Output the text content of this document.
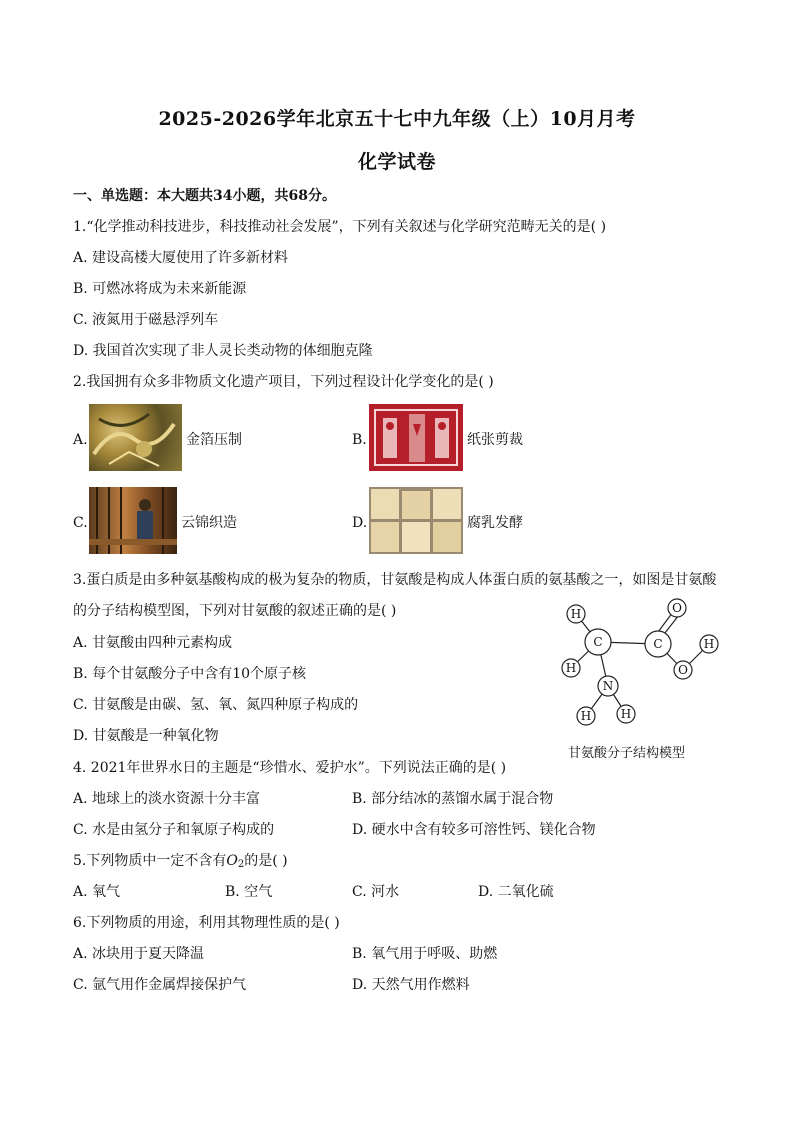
2025-2026学年北京五十七中九年级（上）10月月考
化学试卷
一、单选题：本大题共34小题，共68分。
1.“化学推动科技进步，科技推动社会发展”，下列有关叙述与化学研究范畴无关的是( )
A. 建设高楼大厦使用了许多新材料
B. 可燃冰将成为未来新能源
C. 液氮用于磁悬浮列车
D. 我国首次实现了非人灵长类动物的体细胞克隆
2.我国拥有众多非物质文化遗产项目，下列过程设计化学变化的是( )
A.	金箔压制	B.	纸张剪裁
C.	云锦织造	D.	腐乳发酵
3.蛋白质是由多种氨基酸构成的极为复杂的物质，甘氨酸是构成人体蛋白质的氨基酸之一，如图是甘氨酸
的分子结构模型图，下列对甘氨酸的叙述正确的是( )
A. 甘氨酸由四种元素构成
B. 每个甘氨酸分子中含有10个原子核
C. 甘氨酸是由碳、氢、氧、氮四种原子构成的
D. 甘氨酸是一种氧化物
H
H
C	C
O
O
H
N
H H
甘氨酸分子结构模型
4. 2021年世界水日的主题是“珍惜水、爱护水”。下列说法正确的是( )
A. 地球上的淡水资源十分丰富	B. 部分结冰的蒸馏水属于混合物
C. 水是由氢分子和氧原子构成的	D. 硬水中含有较多可溶性钙、镁化合物
5.下列物质中一定不含有$O_2$的是( )
A. 氧气	B. 空气	C. 河水	D. 二氧化硫
6.下列物质的用途，利用其物理性质的是( )
A. 冰块用于夏天降温	B. 氧气用于呼吸、助燃
C. 氩气用作金属焊接保护气	D. 天然气用作燃料
